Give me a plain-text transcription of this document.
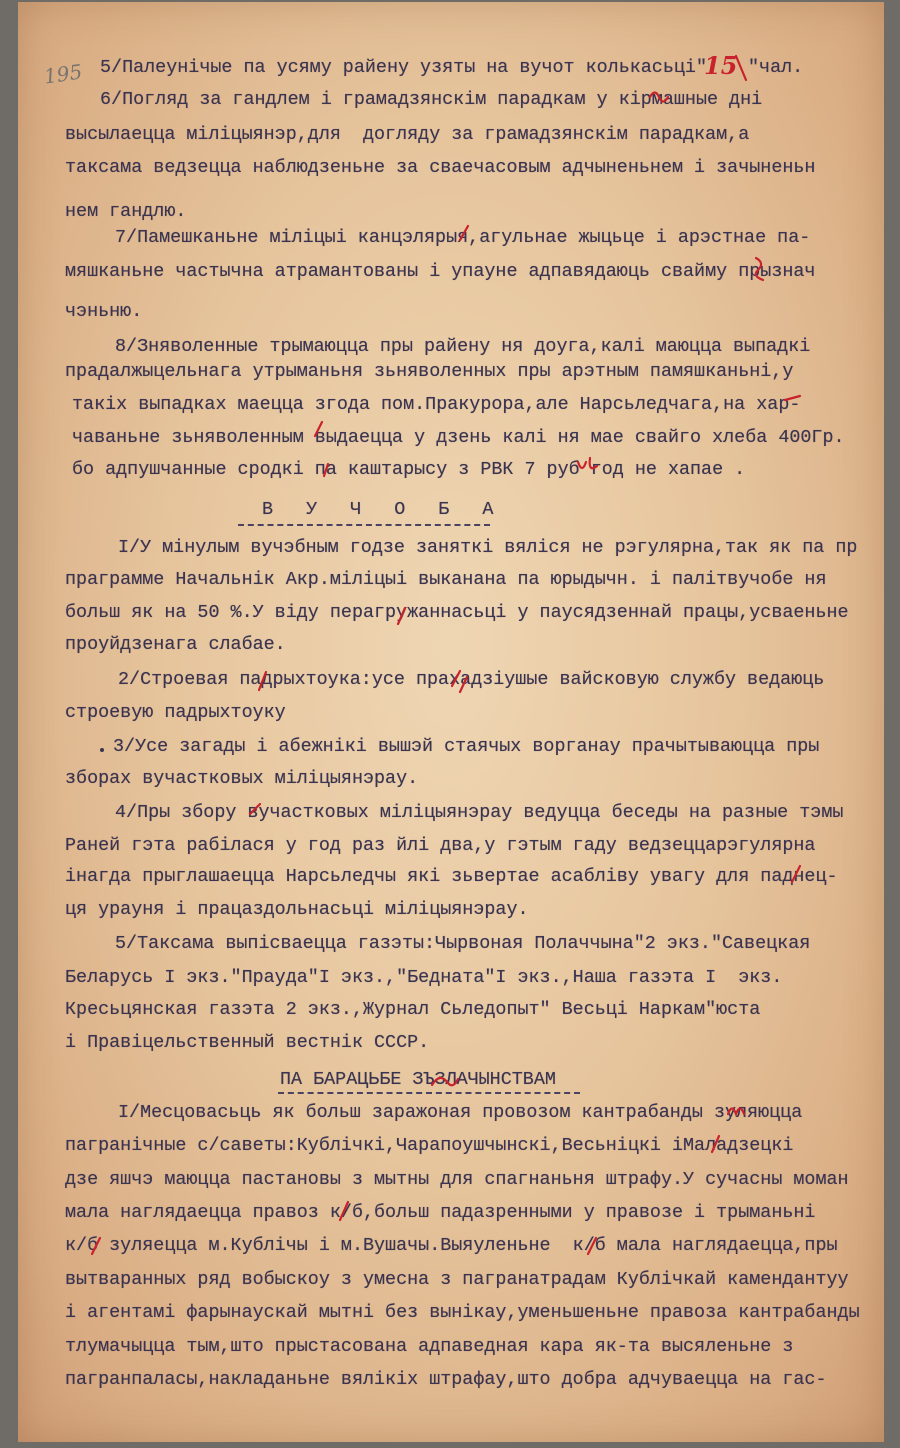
195 5/Палеунічые па усяму райену узяты на вучот колькасьці"
15 "чал.
6/Погляд за гандлем і грамадзянскім парадкам у кірмашные дні
высылаецца міліцыянэр,для  догляду за грамадзянскім парадкам,а
таксама ведзецца наблюдзеньне за сваечасовым адчыненьнем і зачыненьн
нем гандлю.
7/Памешканьне міліцыі канцэлярыя,агульнае жыцьце і арэстнае па-
мяшканьне частычна атрамантованы і упауне адпавядаюць свайму прызнач
чэньню.
8/Зняволенные трымаюцца пры райену ня доуга,калі маюцца выпадкі
прадалжыцельнага утрыманьня зьняволенных пры арэтным памяшканьні,у
такіх выпадках маецца згода пом.Пракурора,але Нарсьледчага,на хар-
чаваньне зьняволенным выдаецца у дзень калі ня мае свайго хлеба 400Гр.
бо адпушчанные сродкі па каштарысу з РВК 7 руб год не хапае .
В У Ч О Б А
І/У мінулым вучэбным годзе заняткі вяліся не рэгулярна,так як па пр
праграмме Начальнік Акр.міліцыі выканана па юрыдычн. і палітвучобе ня
больш як на 50 %.У віду перагружаннасьці у паусядзеннай працы,усваеньне
проуйдзенага слабае.
2/Строевая падрыхтоука:усе прахадзіушые вайсковую службу ведаюць
строевую падрыхтоуку
3/Усе загады і абежнікі вышэй стаячых ворганау прачытываюцца пры
зборах вучастковых міліцыянэрау.
4/Пры збору вучастковых міліцыянэрау ведуцца беседы на разные тэмы
Раней гэта рабілася у год раз йлі два,у гэтым гаду ведзеццарэгулярна
інагда прыглашаецца Нарсьледчы які зьвертае асабліву увагу для паднец-
ця урауня і працаздольнасьці міліцыянэрау.
5/Таксама выпісваецца газэты:Чырвоная Полаччына"2 экз."Савецкая
Беларусь І экз."Прауда"І экз.,"Бедната"І экз.,Наша газэта І  экз.
Кресьцянская газэта 2 экз.,Журнал Сьледопыт" Весьці Наркам"юста
і Правіцельственный вестнік СССР.
ПА БАРАЦЬБЕ ЗЪЗЛАЧЫНСТВАМ
І/Месцовасьць як больш заражоная провозом кантрабанды зуляюцца
пагранічные с/саветы:Кублічкі,Чарапоушчынскі,Весьніцкі іМаладзецкі
дзе яшчэ маюцца пастановы з мытны для спагнаньня штрафу.У сучасны моман
мала наглядаецца правоз к/б,больш падазренными у правозе і трыманьні
к/б зуляецца м.Кублічы і м.Вушачы.Выяуленьне  к/б мала наглядаецца,пры
вытваранных ряд вобыскоу з умесна з пагранатрадам Кублічкай камендантуу
і агентамі фарынаускай мытні без вынікау,уменьшеньне правоза кантрабанды
тлумачыцца тым,што прыстасована адпаведная кара як-та высяленьне з
пагранпаласы,накладаньне вялікіх штрафау,што добра адчуваецца на гас-
